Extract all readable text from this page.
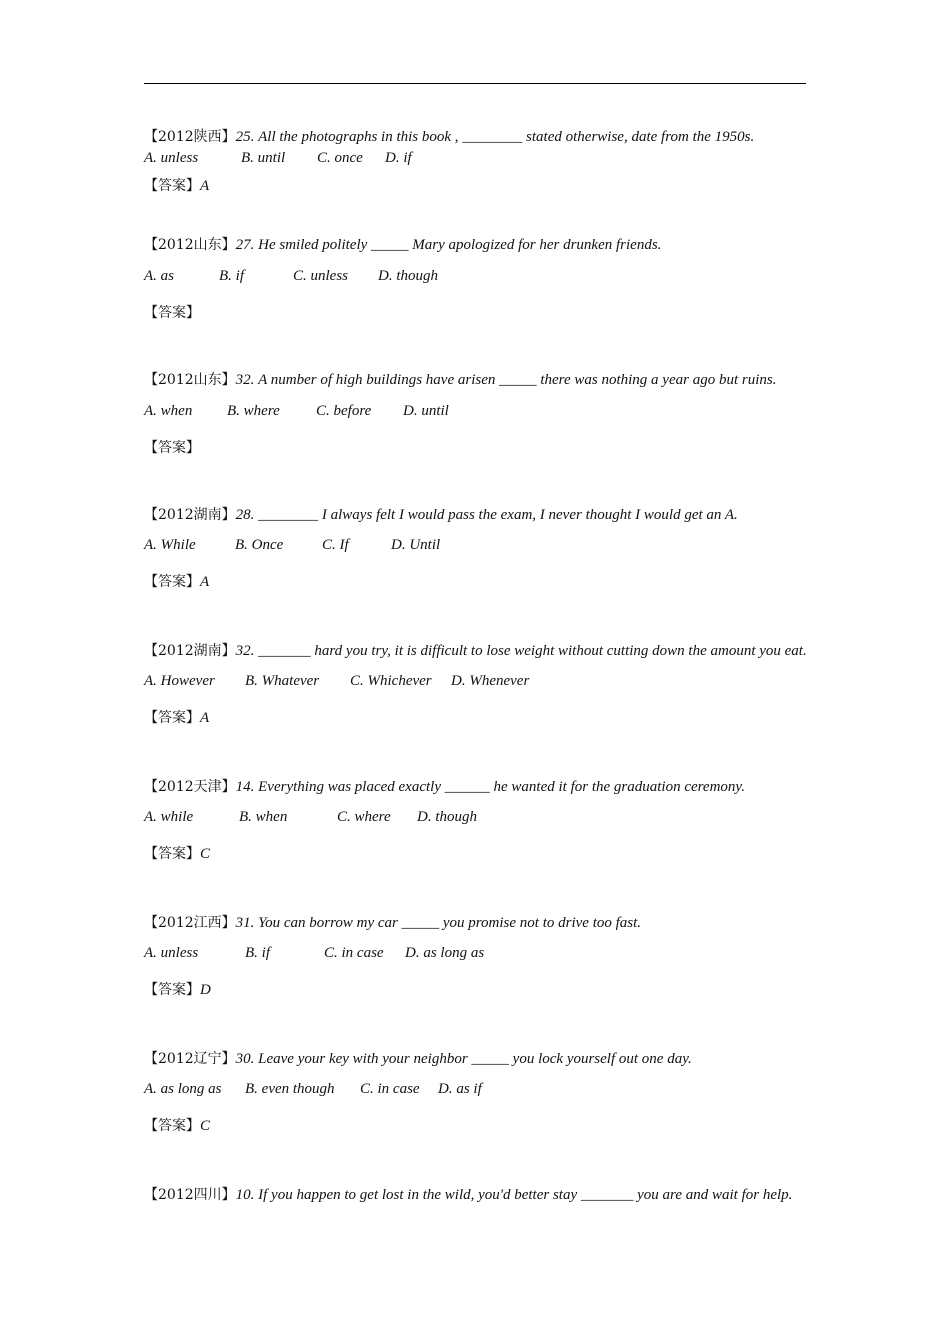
【2012陕西】25. All the photographs in this book , ________ stated otherwise, date from the 1950s.
A. unless	B. until C. once D. if
【答案】A
【2012山东】27. He smiled politely _____ Mary apologized for her drunken friends.
A. as	B. if	C. unless D. though
【答案】
【2012山东】32. A number of high buildings have arisen _____ there was nothing a year ago but ruins.
A. when B. where C. before D. until
【答案】
【2012湖南】28. ________ I always felt I would pass the exam, I never thought I would get an A.
A. While	B. Once	C. If	D. Until
【答案】A
【2012湖南】32. _______ hard you try, it is difficult to lose weight without cutting down the amount you eat.
A. However B. Whatever C. Whichever D. Whenever
【答案】A
【2012天津】14. Everything was placed exactly ______ he wanted it for the graduation ceremony.
A. while	B. when	C. where D. though
【答案】C
【2012江西】31. You can borrow my car _____ you promise not to drive too fast.
A. unless	B. if	C. in case D. as long as
【答案】D
【2012辽宁】30. Leave your key with your neighbor _____ you lock yourself out one day.
A. as long as B. even though C. in case D. as if
【答案】C
【2012四川】10. If you happen to get lost in the wild, you'd better stay _______ you are and wait for help.
